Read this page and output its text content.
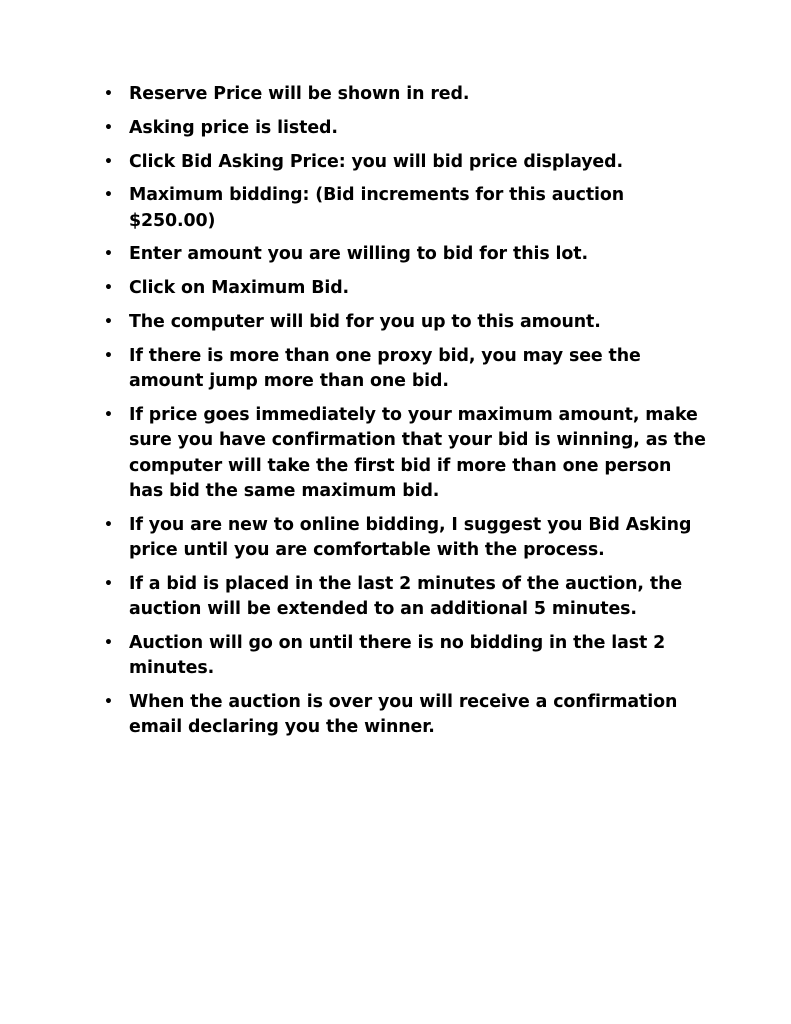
• Reserve Price will be shown in red.
• Asking price is listed.
• Click Bid Asking Price: you will bid price displayed.
• Maximum bidding: (Bid increments for this auction $250.00)
• Enter amount you are willing to bid for this lot.
• Click on Maximum Bid.
• The computer will bid for you up to this amount.
• If there is more than one proxy bid, you may see the amount jump more than one bid.
• If price goes immediately to your maximum amount, make sure you have confirmation that your bid is winning, as the computer will take the first bid if more than one person has bid the same maximum bid.
• If you are new to online bidding, I suggest you Bid Asking price until you are comfortable with the process.
• If a bid is placed in the last 2 minutes of the auction, the auction will be extended to an additional 5 minutes.
• Auction will go on until there is no bidding in the last 2 minutes.
• When the auction is over you will receive a confirmation email declaring you the winner.
